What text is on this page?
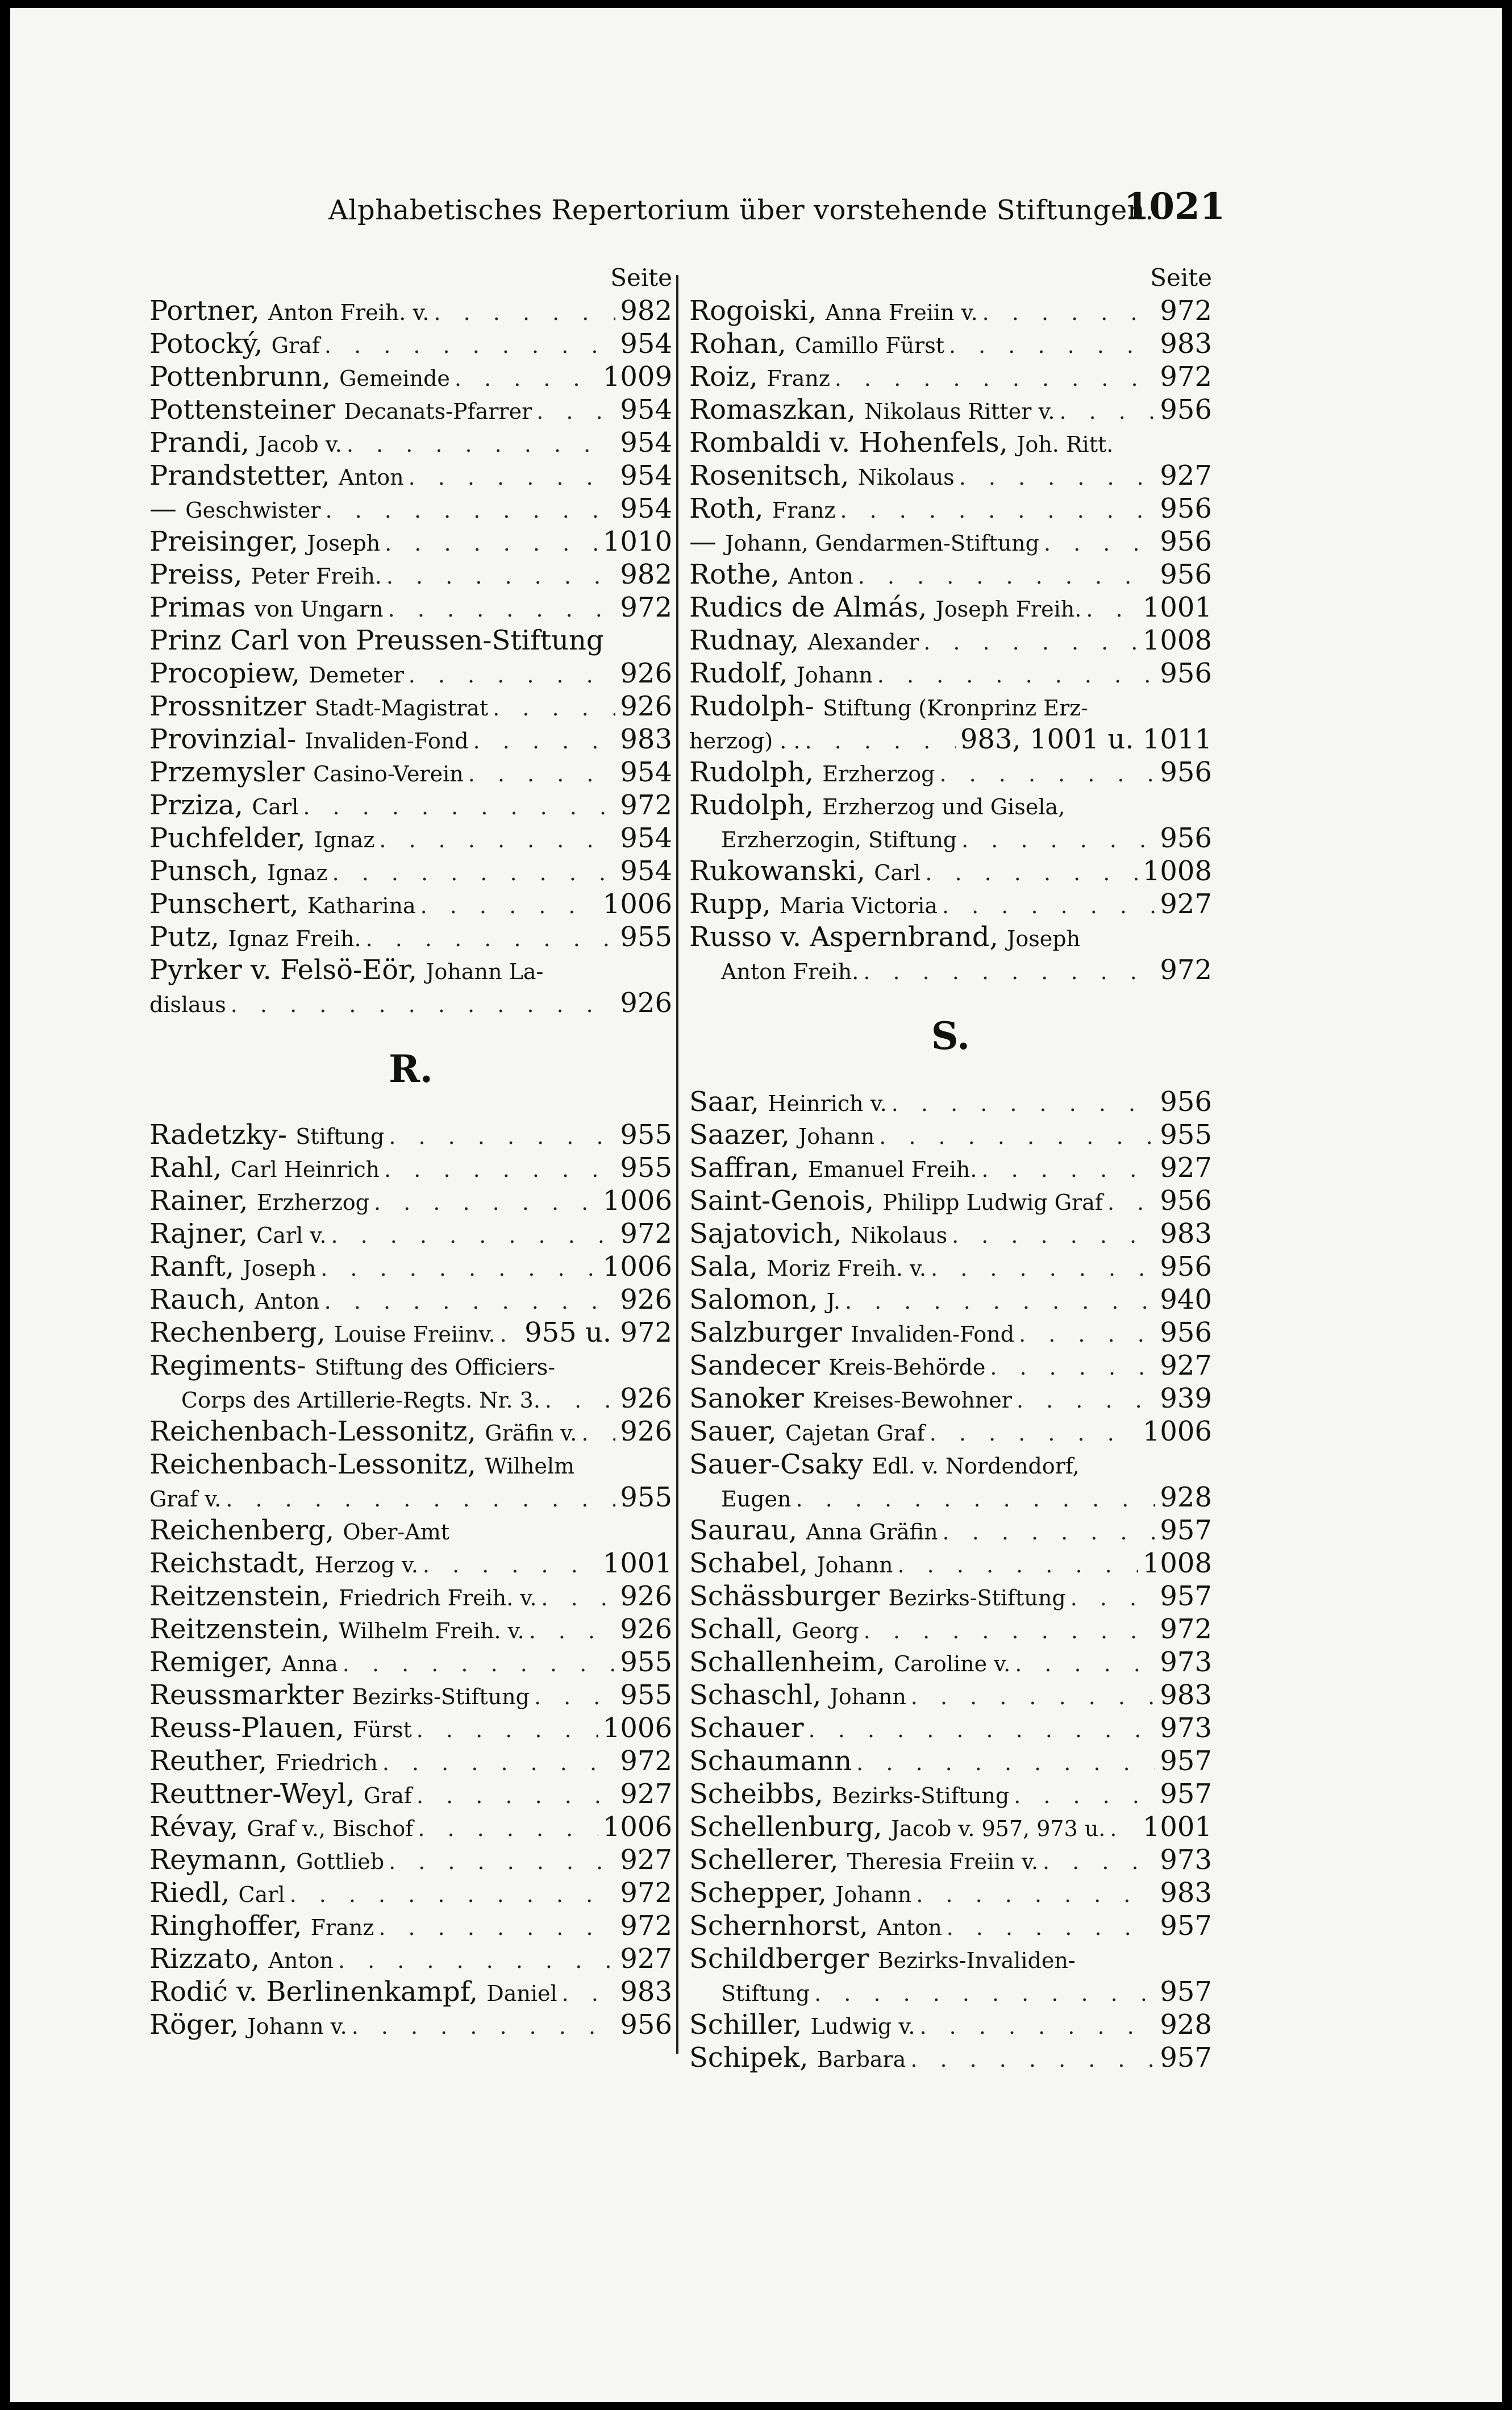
Alphabetisches Repertorium über vorstehende Stiftungen.
1021
Seite
Portner, Anton Freih. v. . . .	982
Potocký, Graf . . .	954
Pottenbrunn, Gemeinde . . .	1009
Pottensteiner Decanats-Pfarrer . . .	954
Prandi, Jacob v. . . .	954
Prandstetter, Anton . . .	954
— Geschwister . . .	954
Preisinger, Joseph . . .	1010
Preiss, Peter Freih. . . .	982
Primas von Ungarn . . .	972
Prinz Carl von Preussen-Stiftung
Procopiew, Demeter . . .	926
Prossnitzer Stadt-Magistrat . . .	926
Provinzial- Invaliden-Fond . . .	983
Przemysler Casino-Verein . . .	954
Prziza, Carl . . .	972
Puchfelder, Ignaz . . .	954
Punsch, Ignaz . . .	954
Punschert, Katharina . . .	1006
Putz, Ignaz Freih. . . .	955
Pyrker v. Felsö-Eör, Johann La-
dislaus . . .	926
R.
Radetzky- Stiftung . . .	955
Rahl, Carl Heinrich . . .	955
Rainer, Erzherzog . . .	1006
Rajner, Carl v. . . .	972
Ranft, Joseph . . .	1006
Rauch, Anton . . .	926
Rechenberg, Louise Freiinv. . . . 955 u. 972
Regiments- Stiftung des Officiers-
Corps des Artillerie-Regts. Nr. 3. . . .	926
Reichenbach-Lessonitz, Gräfin v. . . . 926
Reichenbach-Lessonitz, Wilhelm
Graf v. . . .	955
Reichenberg, Ober-Amt
Reichstadt, Herzog v. . . .	1001
Reitzenstein, Friedrich Freih. v. . . .	926
Reitzenstein, Wilhelm Freih. v. . . .	926
Remiger, Anna . . .	955
Reussmarkter Bezirks-Stiftung . . .	955
Reuss-Plauen, Fürst . . .	1006
Reuther, Friedrich . . .	972
Reuttner-Weyl, Graf . . .	927
Révay, Graf v., Bischof . . .	1006
Reymann, Gottlieb . . .	927
Riedl, Carl . . .	972
Ringhoffer, Franz . . .	972
Rizzato, Anton . . .	927
Rodić v. Berlinenkampf, Daniel . . . 983
Röger, Johann v. . . .	956
Seite
Rogoiski, Anna Freiin v. . . .	972
Rohan, Camillo Fürst . . .	983
Roiz, Franz . . .	972
Romaszkan, Nikolaus Ritter v. . . .	956
Rombaldi v. Hohenfels, Joh. Ritt.
Rosenitsch, Nikolaus . . .	927
Roth, Franz . . .	956
— Johann, Gendarmen-Stiftung . . .	956
Rothe, Anton . . .	956
Rudics de Almás, Joseph Freih. . . . 1001
Rudnay, Alexander . . .	1008
Rudolf, Johann . . .	956
Rudolph- Stiftung (Kronprinz Erz-
herzog) . . . . .	983, 1001 u. 1011
Rudolph, Erzherzog . . .	956
Rudolph, Erzherzog und Gisela,
Erzherzogin, Stiftung . . .	956
Rukowanski, Carl . . .	1008
Rupp, Maria Victoria . . .	927
Russo v. Aspernbrand, Joseph
Anton Freih. . . .	972
S.
Saar, Heinrich v. . . .	956
Saazer, Johann . . .	955
Saffran, Emanuel Freih. . . .	927
Saint-Genois, Philipp Ludwig Graf . . . 956
Sajatovich, Nikolaus . . .	983
Sala, Moriz Freih. v. . . .	956
Salomon, J. . . .	940
Salzburger Invaliden-Fond . . .	956
Sandecer Kreis-Behörde . . .	927
Sanoker Kreises-Bewohner . . .	939
Sauer, Cajetan Graf . . .	1006
Sauer-Csaky Edl. v. Nordendorf,
Eugen . . .	928
Saurau, Anna Gräfin . . .	957
Schabel, Johann . . .	1008
Schässburger Bezirks-Stiftung . . .	957
Schall, Georg . . .	972
Schallenheim, Caroline v. . . .	973
Schaschl, Johann . . .	983
Schauer . . .	973
Schaumann . . .	957
Scheibbs, Bezirks-Stiftung . . .	957
Schellenburg, Jacob v. 957, 973 u. . . . 1001
Schellerer, Theresia Freiin v. . . .	973
Schepper, Johann . . .	983
Schernhorst, Anton . . .	957
Schildberger Bezirks-Invaliden-
Stiftung . . .	957
Schiller, Ludwig v. . . .	928
Schipek, Barbara . . .	957
